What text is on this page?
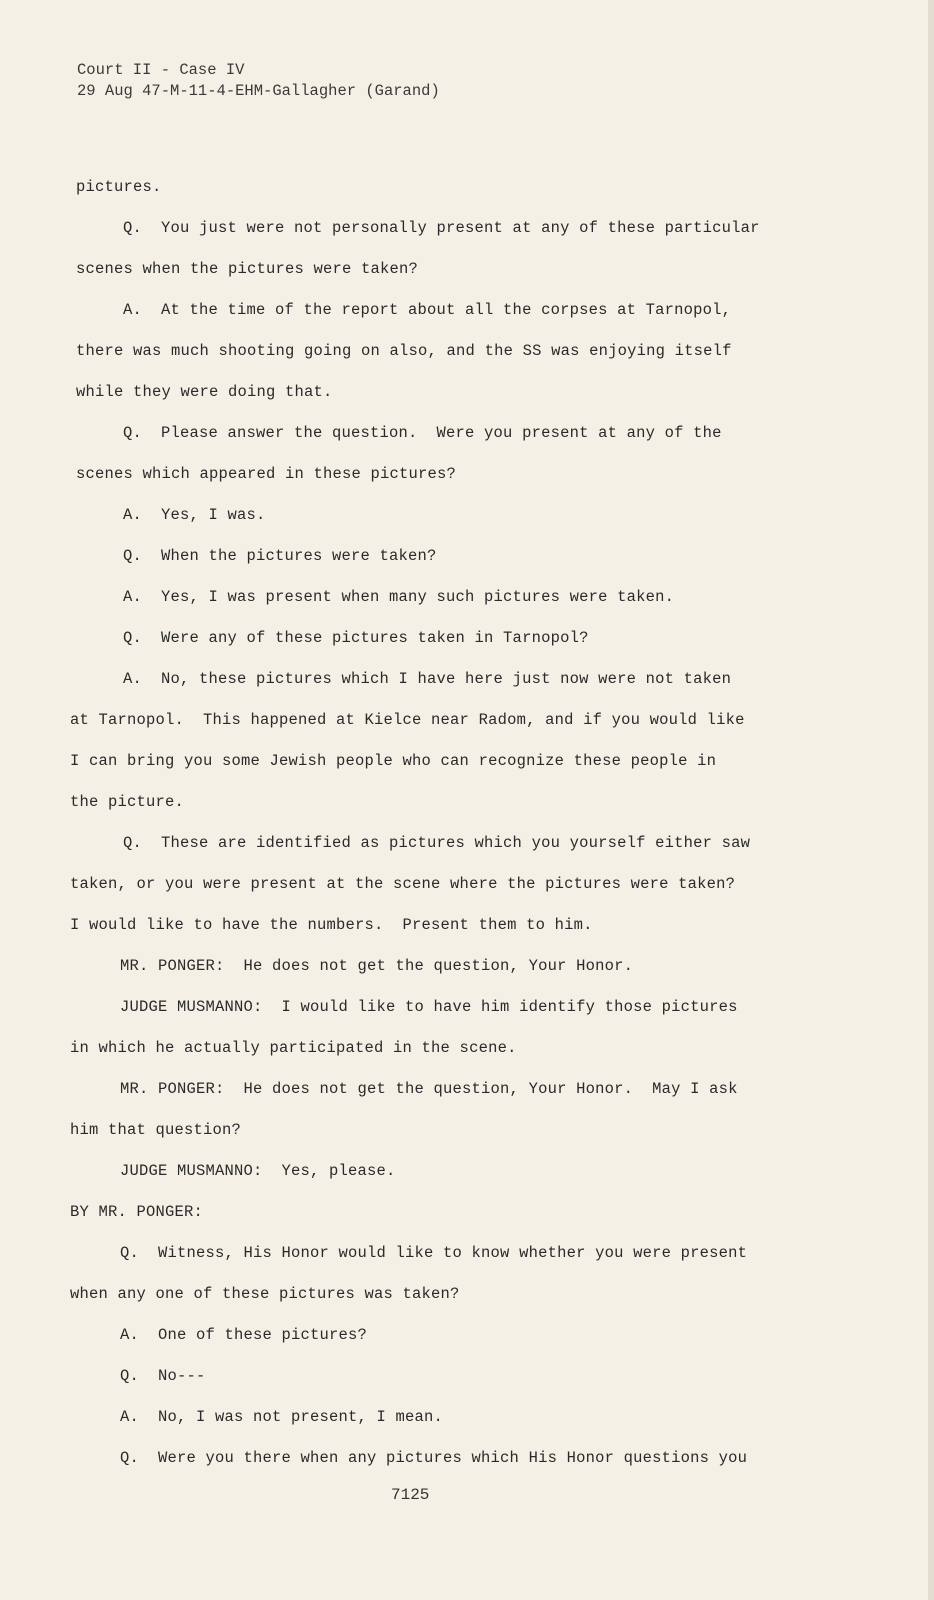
Court II - Case IV
29 Aug 47-M-11-4-EHM-Gallagher (Garand)
pictures.
Q.  You just were not personally present at any of these particular
scenes when the pictures were taken?
A.  At the time of the report about all the corpses at Tarnopol,
there was much shooting going on also, and the SS was enjoying itself
while they were doing that.
Q.  Please answer the question.  Were you present at any of the
scenes which appeared in these pictures?
A.  Yes, I was.
Q.  When the pictures were taken?
A.  Yes, I was present when many such pictures were taken.
Q.  Were any of these pictures taken in Tarnopol?
A.  No, these pictures which I have here just now were not taken
at Tarnopol.  This happened at Kielce near Radom, and if you would like
I can bring you some Jewish people who can recognize these people in
the picture.
Q.  These are identified as pictures which you yourself either saw
taken, or you were present at the scene where the pictures were taken?
I would like to have the numbers.  Present them to him.
MR. PONGER:  He does not get the question, Your Honor.
JUDGE MUSMANNO:  I would like to have him identify those pictures
in which he actually participated in the scene.
MR. PONGER:  He does not get the question, Your Honor.  May I ask
him that question?
JUDGE MUSMANNO:  Yes, please.
BY MR. PONGER:
Q.  Witness, His Honor would like to know whether you were present
when any one of these pictures was taken?
A.  One of these pictures?
Q.  No---
A.  No, I was not present, I mean.
Q.  Were you there when any pictures which His Honor questions you
7125
